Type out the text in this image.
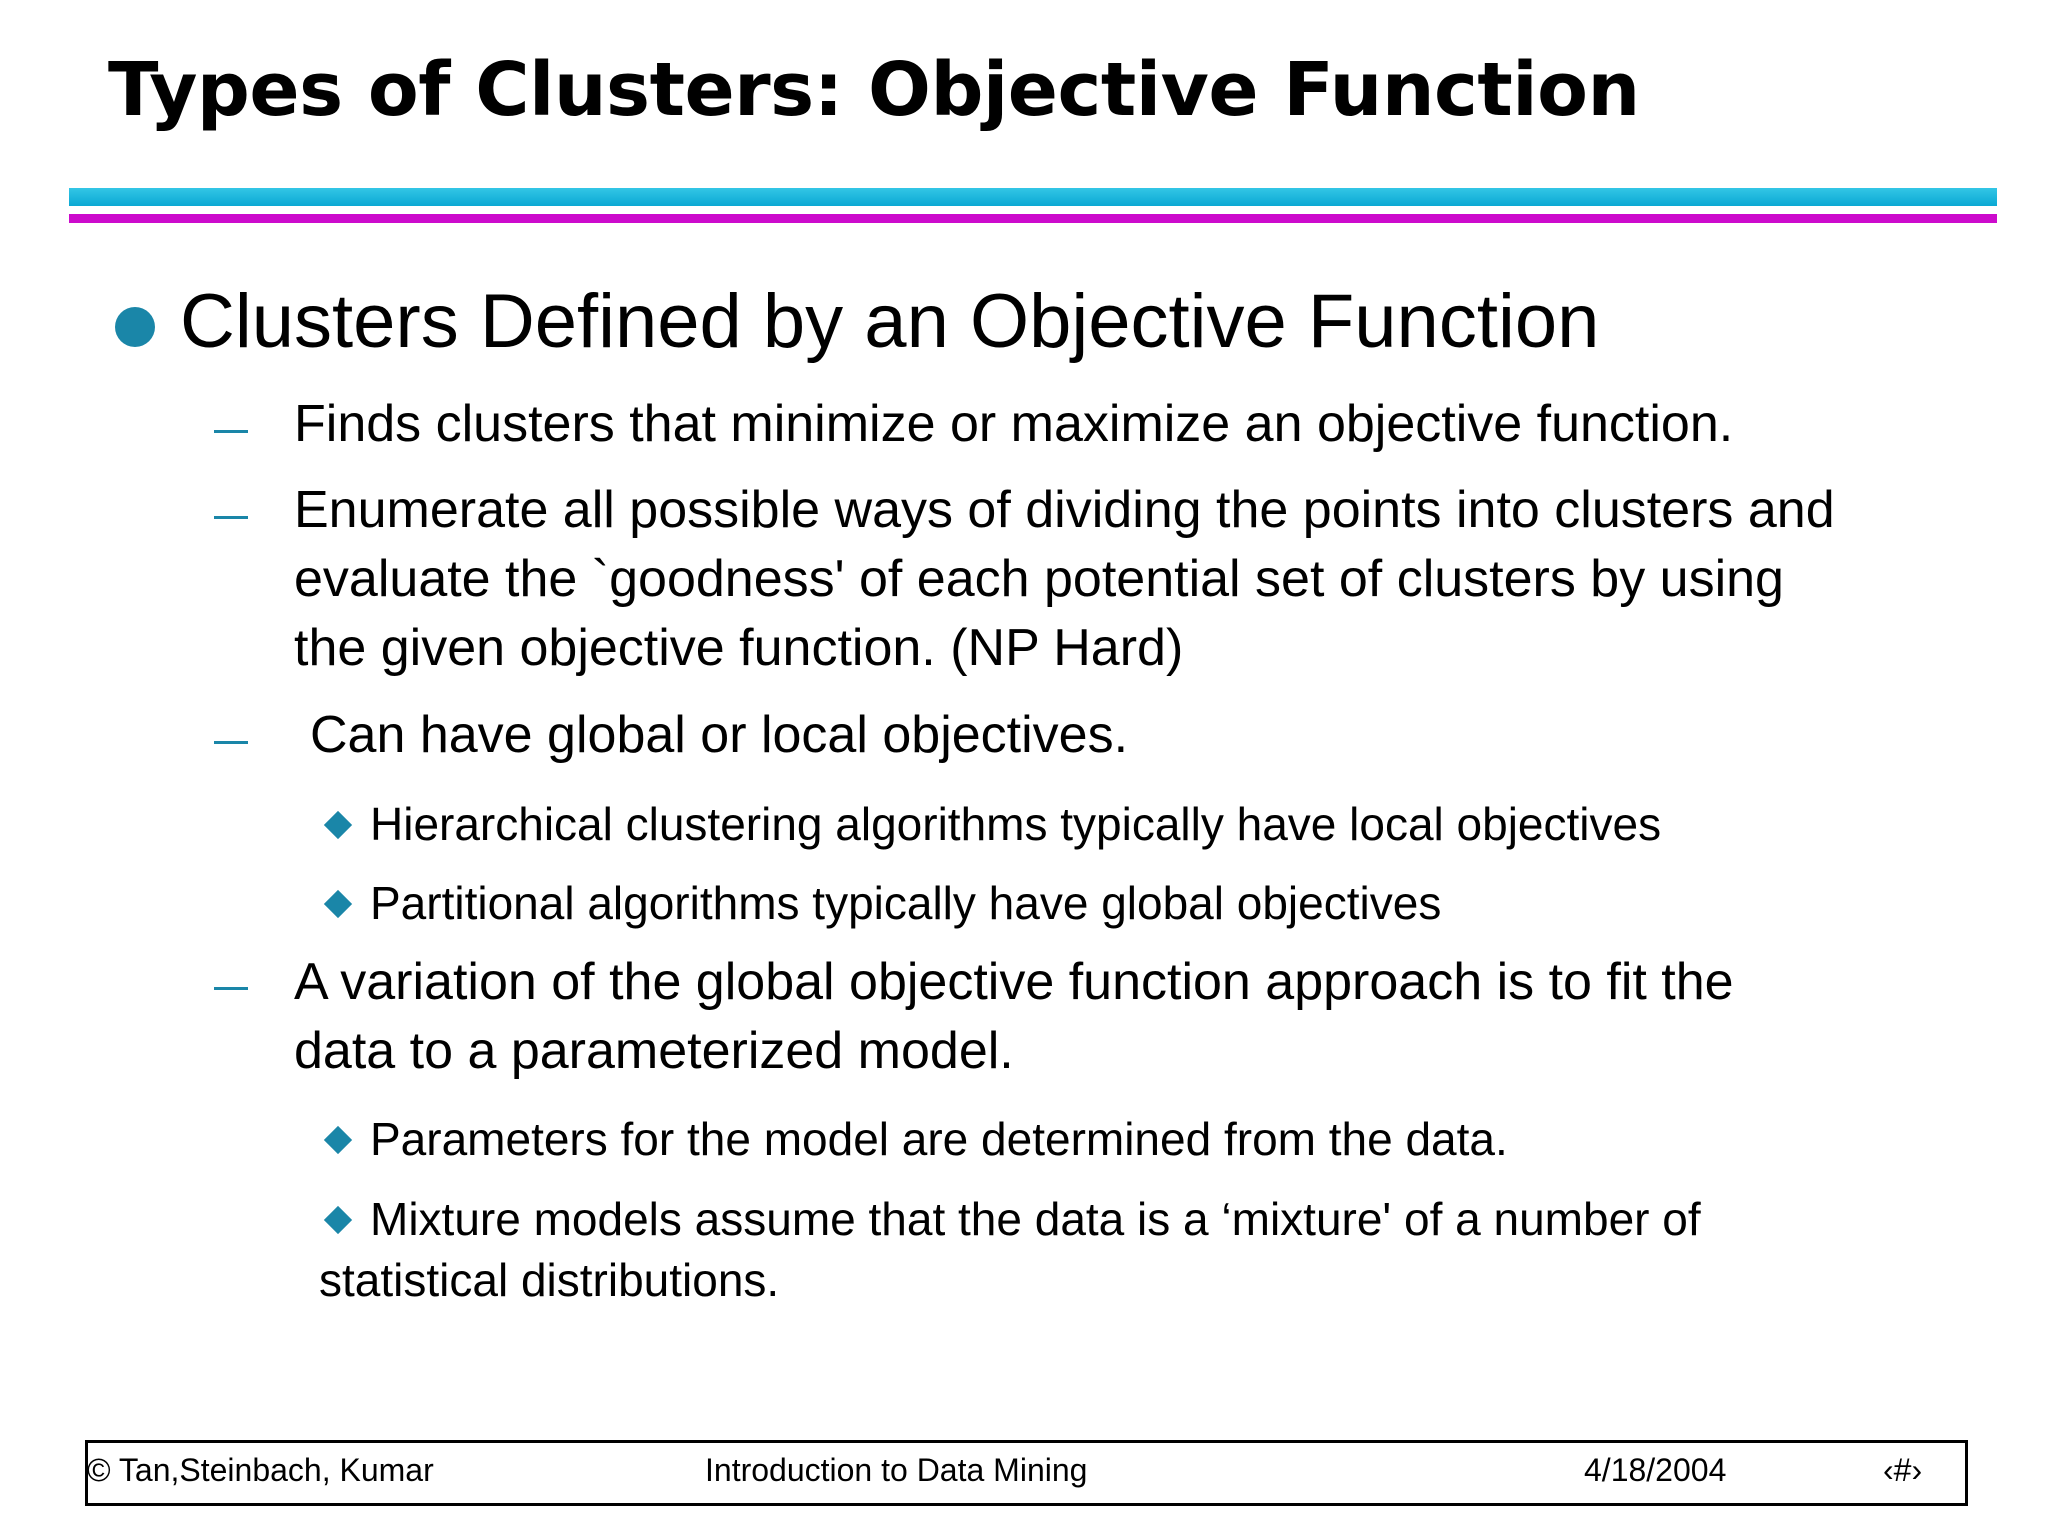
Types of Clusters: Objective Function
Clusters Defined by an Objective Function
Finds clusters that minimize or maximize an objective function.
Enumerate all possible ways of dividing the points into clusters and
evaluate the `goodness' of each potential set of clusters by using
the given objective function. (NP Hard)
Can have global or local objectives.
Hierarchical clustering algorithms typically have local objectives
Partitional algorithms typically have global objectives
A variation of the global objective function approach is to fit the
data to a parameterized model.
Parameters for the model are determined from the data.
Mixture models assume that the data is a ‘mixture' of a number of
statistical distributions.
© Tan,Steinbach, Kumar	Introduction to Data Mining	4/18/2004	‹#›
